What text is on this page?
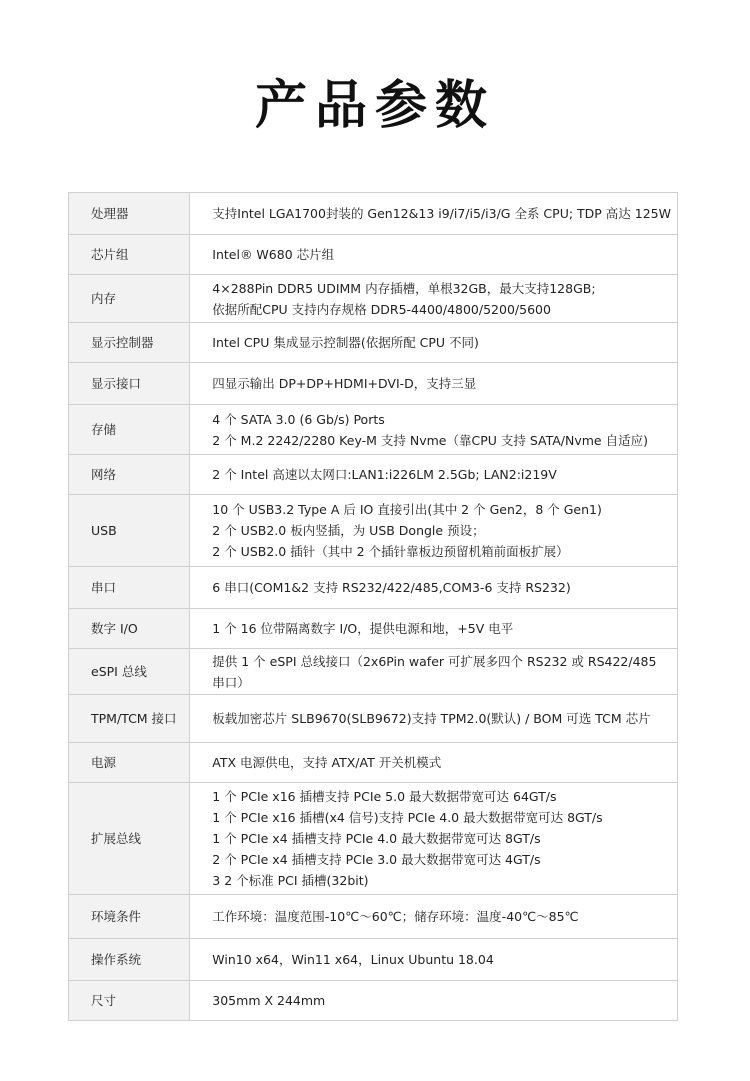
产品参数
处理器	支持Intel LGA1700封装的 Gen12&13 i9/i7/i5/i3/G 全系 CPU; TDP 高达 125W

芯片组	Intel® W680 芯片组

内存	4×288Pin DDR5 UDIMM 内存插槽，单根32GB，最大支持128GB;
依据所配CPU 支持内存规格 DDR5-4400/4800/5200/5600

显示控制器	Intel CPU 集成显示控制器(依据所配 CPU 不同)

显示接口	四显示输出 DP+DP+HDMI+DVI-D，支持三显

存储	4 个 SATA 3.0 (6 Gb/s) Ports
2 个 M.2 2242/2280 Key-M 支持 Nvme（靠CPU 支持 SATA/Nvme 自适应)

网络	2 个 Intel 高速以太网口:LAN1:i226LM 2.5Gb; LAN2:i219V

USB	10 个 USB3.2 Type A 后 IO 直接引出(其中 2 个 Gen2，8 个 Gen1)
2 个 USB2.0 板内竖插，为 USB Dongle 预设；
2 个 USB2.0 插针（其中 2 个插针靠板边预留机箱前面板扩展）

串口	6 串口(COM1&2 支持 RS232/422/485,COM3-6 支持 RS232)

数字 I/O	1 个 16 位带隔离数字 I/O，提供电源和地，+5V 电平

eSPI 总线	提供 1 个 eSPI 总线接口（2x6Pin wafer 可扩展多四个 RS232 或 RS422/485 串口）

TPM/TCM 接口	板载加密芯片 SLB9670(SLB9672)支持 TPM2.0(默认) / BOM 可选 TCM 芯片

电源	ATX 电源供电，支持 ATX/AT 开关机模式

扩展总线	1 个 PCIe x16 插槽支持 PCIe 5.0 最大数据带宽可达 64GT/s
1 个 PCIe x16 插槽(x4 信号)支持 PCIe 4.0 最大数据带宽可达 8GT/s
1 个 PCIe x4 插槽支持 PCIe 4.0 最大数据带宽可达 8GT/s
2 个 PCIe x4 插槽支持 PCIe 3.0 最大数据带宽可达 4GT/s
3 2 个标准 PCI 插槽(32bit)

环境条件	工作环境：温度范围-10℃～60℃；储存环境：温度-40℃～85℃

操作系统	Win10 x64，Win11 x64，Linux Ubuntu 18.04

尺寸	305mm X 244mm
